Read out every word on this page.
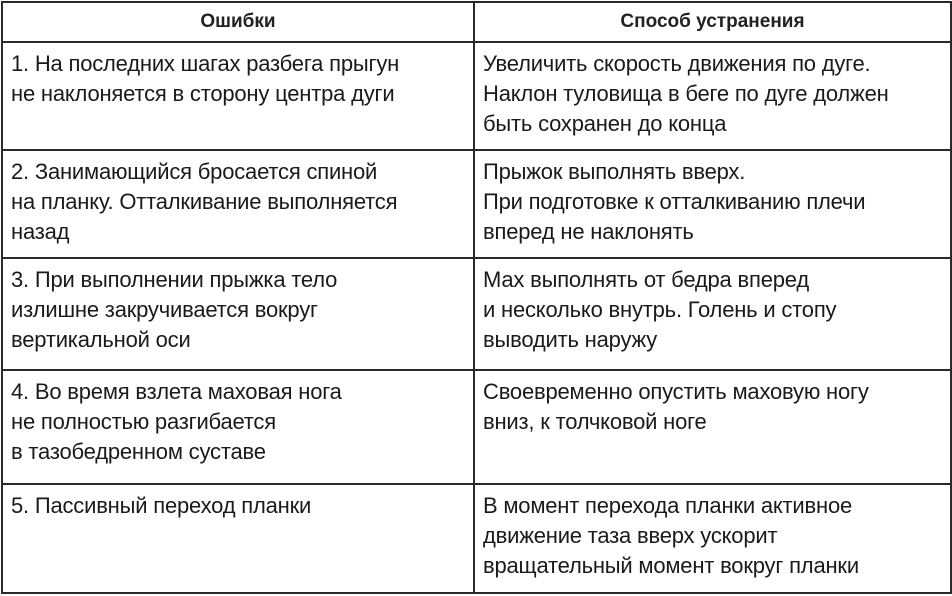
Ошибки	Способ устранения

1. На последних шагах разбега прыгун
не наклоняется в сторону центра дуги	Увеличить скорость движения по дуге.
Наклон туловища в беге по дуге должен
быть сохранен до конца

2. Занимающийся бросается спиной
на планку. Отталкивание выполняется
назад	Прыжок выполнять вверх.
При подготовке к отталкиванию плечи
вперед не наклонять

3. При выполнении прыжка тело
излишне закручивается вокруг
вертикальной оси	Мах выполнять от бедра вперед
и несколько внутрь. Голень и стопу
выводить наружу

4. Во время взлета маховая нога
не полностью разгибается
в тазобедренном суставе	Своевременно опустить маховую ногу
вниз, к толчковой ноге

5. Пассивный переход планки	В момент перехода планки активное
движение таза вверх ускорит
вращательный момент вокруг планки
